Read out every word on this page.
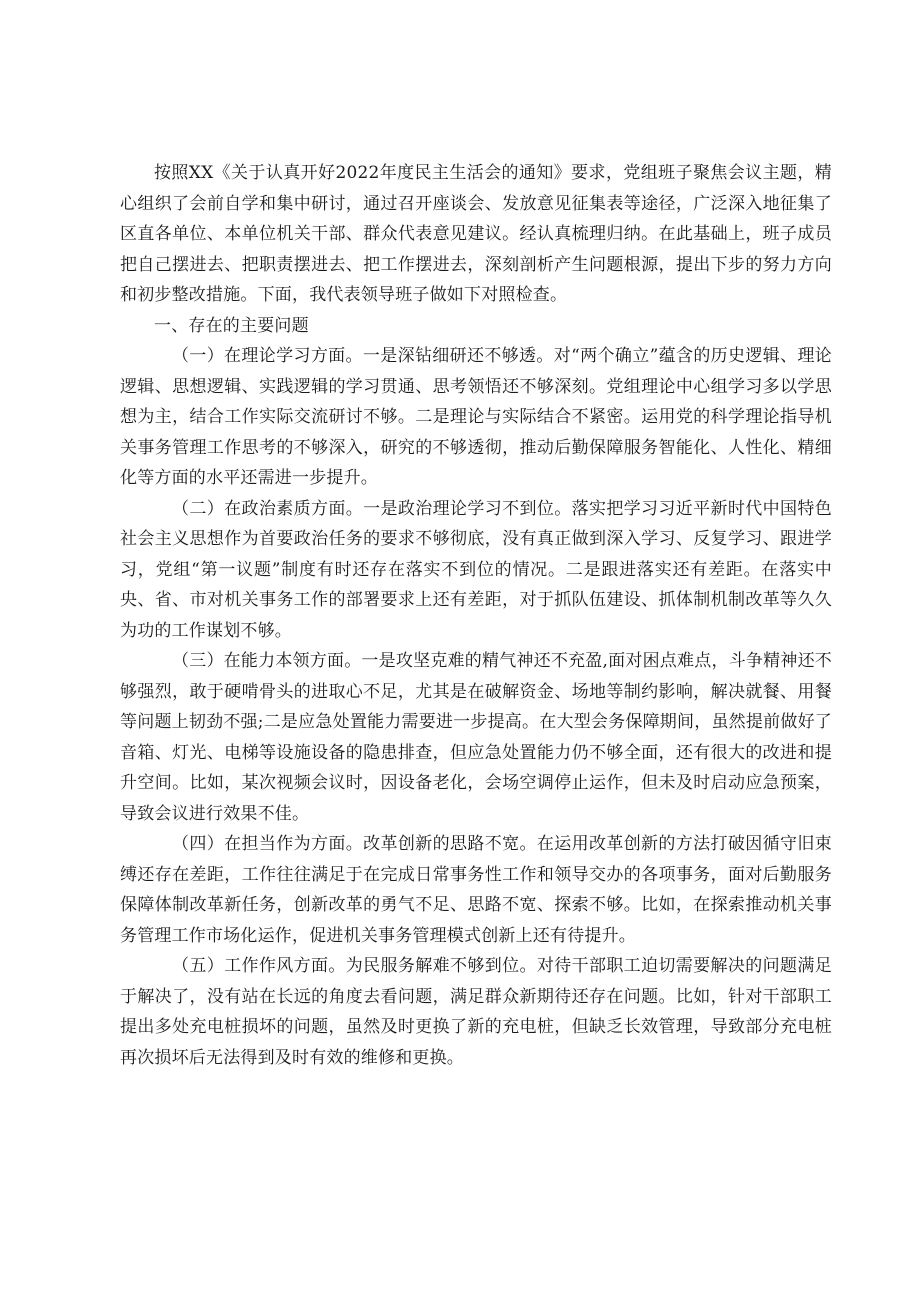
按照XX《关于认真开好2022年度民主生活会的通知》要求，党组班子聚焦会议主题，精心组织了会前自学和集中研讨，通过召开座谈会、发放意见征集表等途径，广泛深入地征集了区直各单位、本单位机关干部、群众代表意见建议。经认真梳理归纳。在此基础上，班子成员把自己摆进去、把职责摆进去、把工作摆进去，深刻剖析产生问题根源，提出下步的努力方向和初步整改措施。下面，我代表领导班子做如下对照检查。

一、存在的主要问题

（一）在理论学习方面。一是深钻细研还不够透。对“两个确立”蕴含的历史逻辑、理论逻辑、思想逻辑、实践逻辑的学习贯通、思考领悟还不够深刻。党组理论中心组学习多以学思想为主，结合工作实际交流研讨不够。二是理论与实际结合不紧密。运用党的科学理论指导机关事务管理工作思考的不够深入，研究的不够透彻，推动后勤保障服务智能化、人性化、精细化等方面的水平还需进一步提升。

（二）在政治素质方面。一是政治理论学习不到位。落实把学习习近平新时代中国特色社会主义思想作为首要政治任务的要求不够彻底，没有真正做到深入学习、反复学习、跟进学习，党组“第一议题”制度有时还存在落实不到位的情况。二是跟进落实还有差距。在落实中央、省、市对机关事务工作的部署要求上还有差距，对于抓队伍建设、抓体制机制改革等久久为功的工作谋划不够。

（三）在能力本领方面。一是攻坚克难的精气神还不充盈,面对困点难点，斗争精神还不够强烈，敢于硬啃骨头的进取心不足，尤其是在破解资金、场地等制约影响，解决就餐、用餐等问题上韧劲不强;二是应急处置能力需要进一步提高。在大型会务保障期间，虽然提前做好了音箱、灯光、电梯等设施设备的隐患排查，但应急处置能力仍不够全面，还有很大的改进和提升空间。比如，某次视频会议时，因设备老化，会场空调停止运作，但未及时启动应急预案，导致会议进行效果不佳。

（四）在担当作为方面。改革创新的思路不宽。在运用改革创新的方法打破因循守旧束缚还存在差距，工作往往满足于在完成日常事务性工作和领导交办的各项事务，面对后勤服务保障体制改革新任务，创新改革的勇气不足、思路不宽、探索不够。比如，在探索推动机关事务管理工作市场化运作，促进机关事务管理模式创新上还有待提升。

（五）工作作风方面。为民服务解难不够到位。对待干部职工迫切需要解决的问题满足于解决了，没有站在长远的角度去看问题，满足群众新期待还存在问题。比如，针对干部职工提出多处充电桩损坏的问题，虽然及时更换了新的充电桩，但缺乏长效管理，导致部分充电桩再次损坏后无法得到及时有效的维修和更换。
